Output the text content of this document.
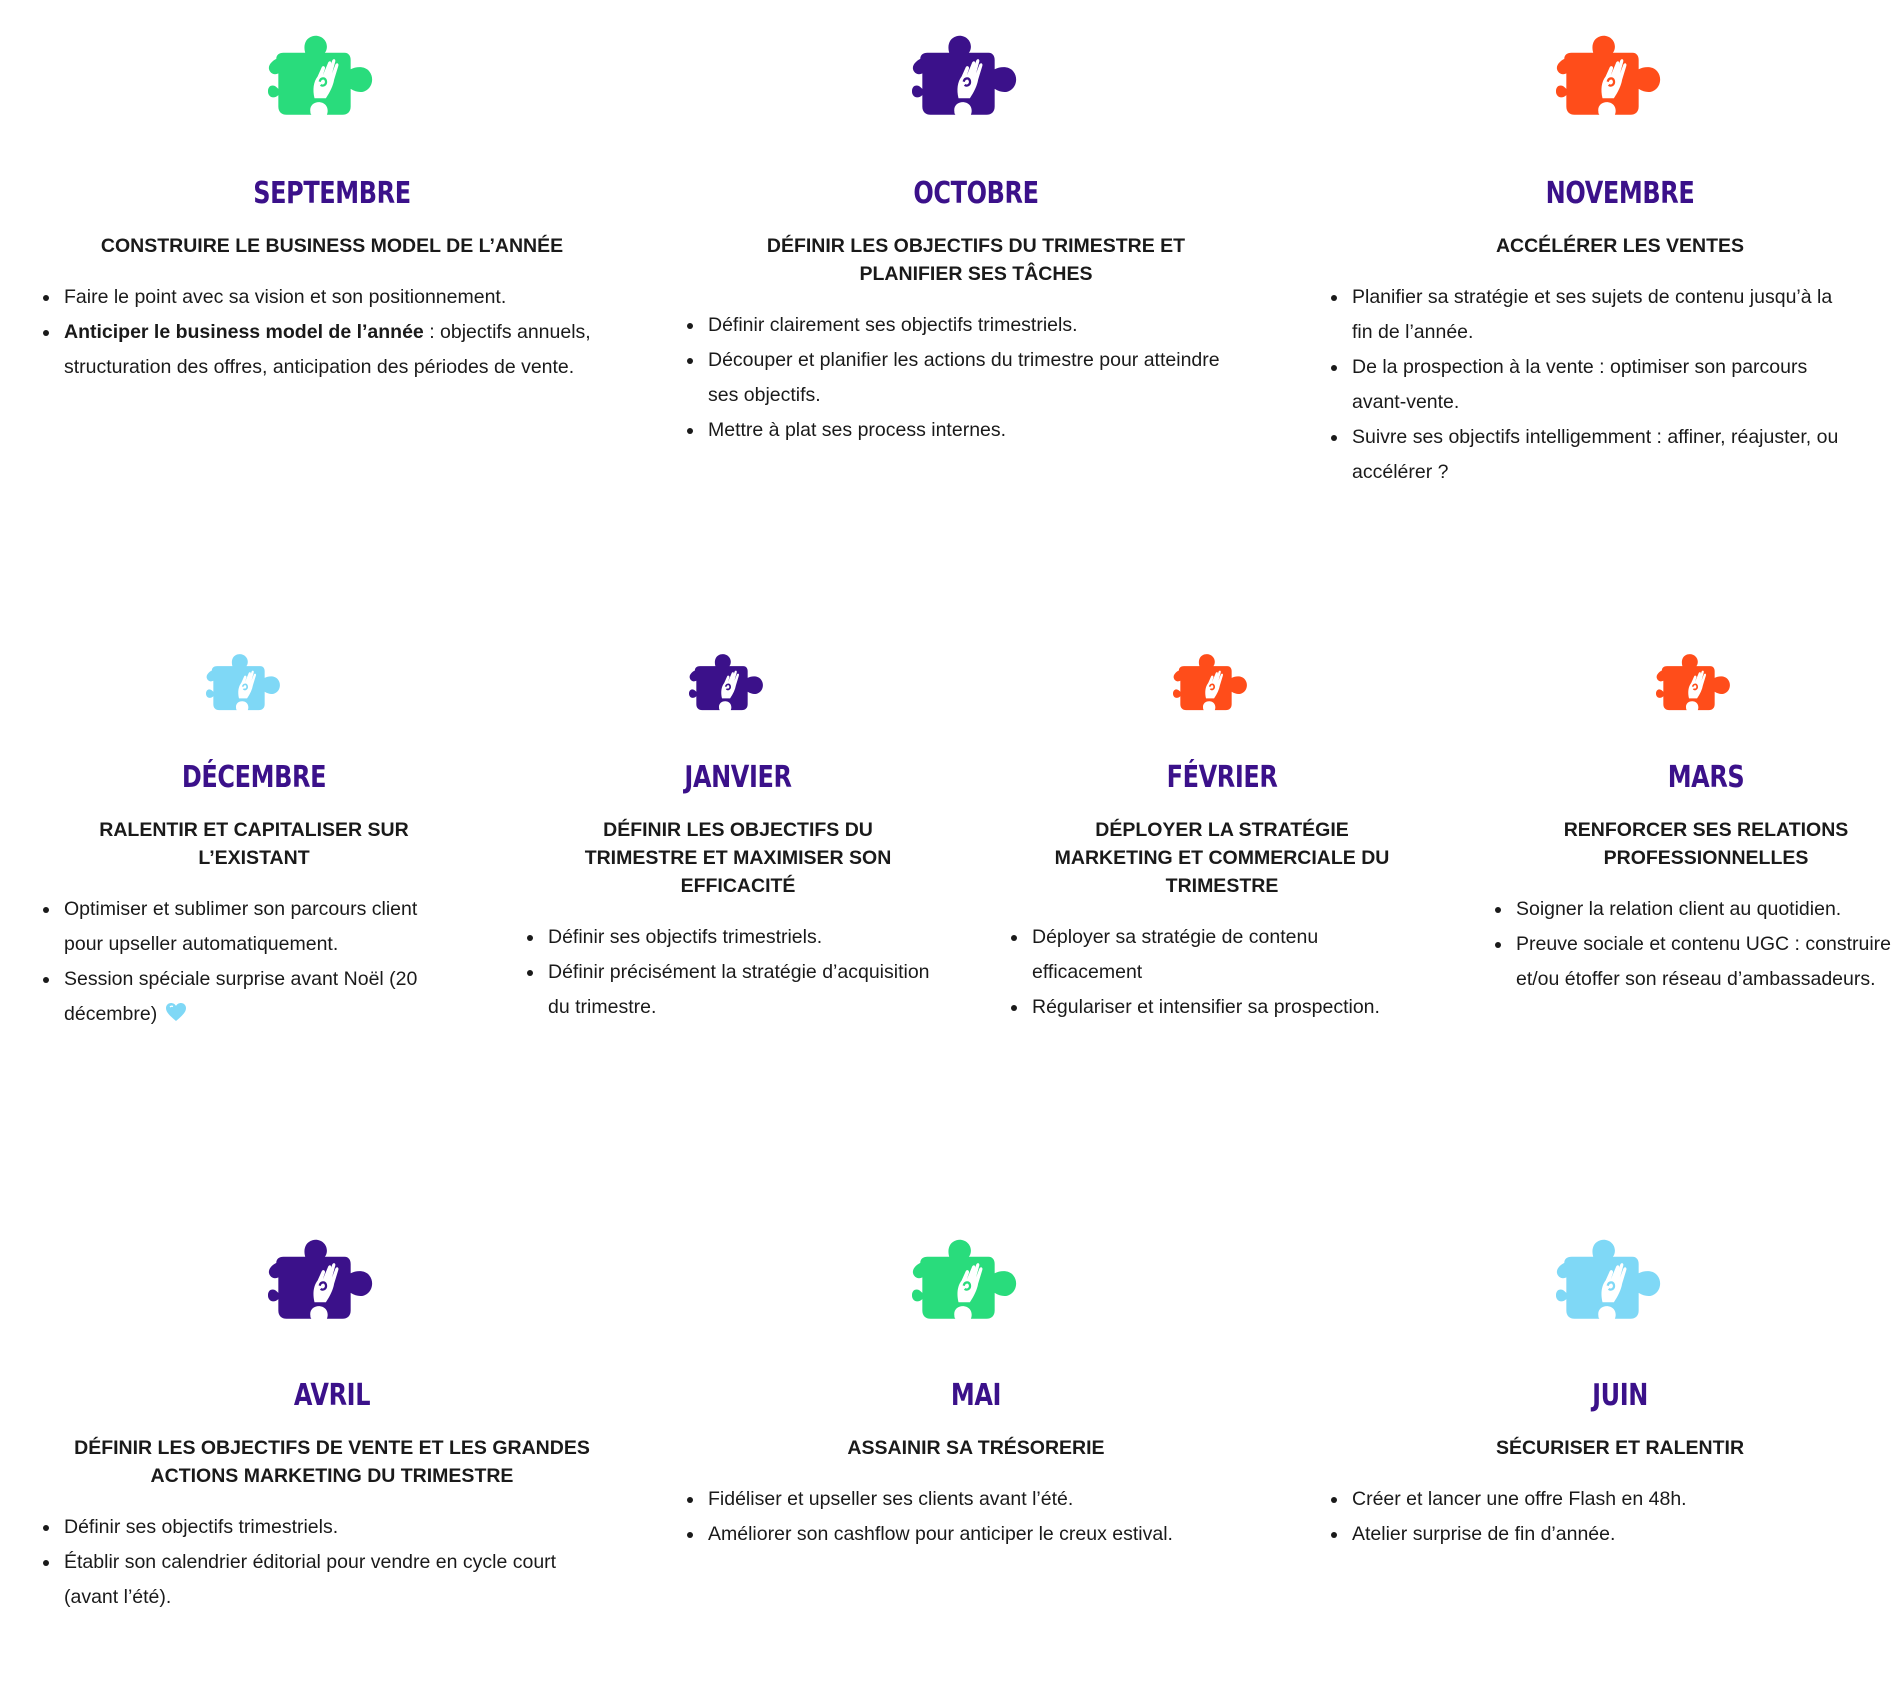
SEPTEMBRE
CONSTRUIRE LE BUSINESS MODEL DE L’ANNÉE
Faire le point avec sa vision et son positionnement.
Anticiper le business model de l’année : objectifs annuels, structuration des offres, anticipation des périodes de vente.
OCTOBRE
DÉFINIR LES OBJECTIFS DU TRIMESTRE ET
PLANIFIER SES TÂCHES
Définir clairement ses objectifs trimestriels.
Découper et planifier les actions du trimestre pour atteindre ses objectifs.
Mettre à plat ses process internes.
NOVEMBRE
ACCÉLÉRER LES VENTES
Planifier sa stratégie et ses sujets de contenu jusqu’à la fin de l’année.
De la prospection à la vente : optimiser son parcours avant-vente.
Suivre ses objectifs intelligemment : affiner, réajuster, ou accélérer ?
DÉCEMBRE
RALENTIR ET CAPITALISER SUR
L’EXISTANT
Optimiser et sublimer son parcours client pour upseller automatiquement.
Session spéciale surprise avant Noël (20 décembre)
JANVIER
DÉFINIR LES OBJECTIFS DU
TRIMESTRE ET MAXIMISER SON
EFFICACITÉ
Définir ses objectifs trimestriels.
Définir précisément la stratégie d’acquisition du trimestre.
FÉVRIER
DÉPLOYER LA STRATÉGIE
MARKETING ET COMMERCIALE DU
TRIMESTRE
Déployer sa stratégie de contenu efficacement
Régulariser et intensifier sa prospection.
MARS
RENFORCER SES RELATIONS
PROFESSIONNELLES
Soigner la relation client au quotidien.
Preuve sociale et contenu UGC : construire et/ou étoffer son réseau d’ambassadeurs.
AVRIL
DÉFINIR LES OBJECTIFS DE VENTE ET LES GRANDES
ACTIONS MARKETING DU TRIMESTRE
Définir ses objectifs trimestriels.
Établir son calendrier éditorial pour vendre en cycle court (avant l’été).
MAI
ASSAINIR SA TRÉSORERIE
Fidéliser et upseller ses clients avant l’été.
Améliorer son cashflow pour anticiper le creux estival.
JUIN
SÉCURISER ET RALENTIR
Créer et lancer une offre Flash en 48h.
Atelier surprise de fin d’année.
